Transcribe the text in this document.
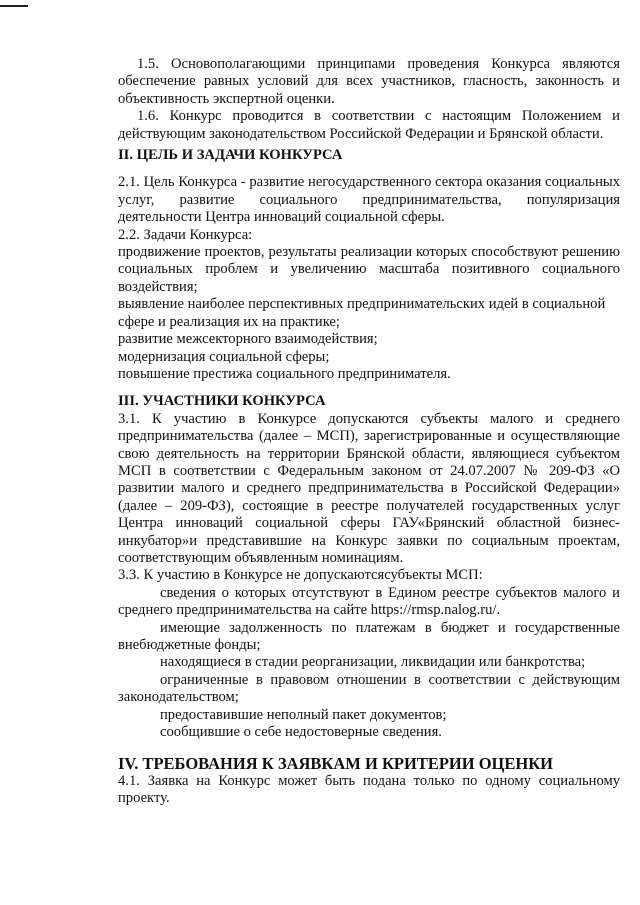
1.5. Основополагающими принципами проведения Конкурса являются обеспечение равных условий для всех участников, гласность, законность и объективность экспертной оценки.

1.6. Конкурс проводится в соответствии с настоящим Положением и действующим законодательством Российской Федерации и Брянской области.

II. ЦЕЛЬ И ЗАДАЧИ КОНКУРСА

2.1. Цель Конкурса - развитие негосударственного сектора оказания социальных услуг, развитие социального предпринимательства, популяризация деятельности Центра инноваций социальной сферы.

2.2. Задачи Конкурса:

продвижение проектов, результаты реализации которых способствуют решению социальных проблем и увеличению масштаба позитивного социального воздействия;

выявление наиболее перспективных предпринимательских идей в социальной сфере и реализация их на практике;

развитие межсекторного взаимодействия;

модернизация социальной сферы;

повышение престижа социального предпринимателя.

III. УЧАСТНИКИ КОНКУРСА

3.1. К участию в Конкурсе допускаются субъекты малого и среднего предпринимательства (далее – МСП), зарегистрированные и осуществляющие свою деятельность на территории Брянской области, являющиеся субъектом МСП в соответствии с Федеральным законом от 24.07.2007 № 209-ФЗ «О развитии малого и среднего предпринимательства в Российской Федерации» (далее – 209-ФЗ), состоящие в реестре получателей государственных услуг Центра инноваций социальной сферы ГАУ«Брянский областной бизнес-инкубатор»и представившие на Конкурс заявки по социальным проектам, соответствующим объявленным номинациям.

3.3. К участию в Конкурсе не допускаютсясубъекты МСП:

сведения о которых отсутствуют в Едином реестре субъектов малого и среднего предпринимательства на сайте https://rmsp.nalog.ru/.

имеющие задолженность по платежам в бюджет и государственные внебюджетные фонды;

находящиеся в стадии реорганизации, ликвидации или банкротства;

ограниченные в правовом отношении в соответствии с действующим законодательством;

предоставившие неполный пакет документов;

сообщившие о себе недостоверные сведения.

IV. ТРЕБОВАНИЯ К ЗАЯВКАМ И КРИТЕРИИ ОЦЕНКИ

4.1. Заявка на Конкурс может быть подана только по одному социальному проекту.
